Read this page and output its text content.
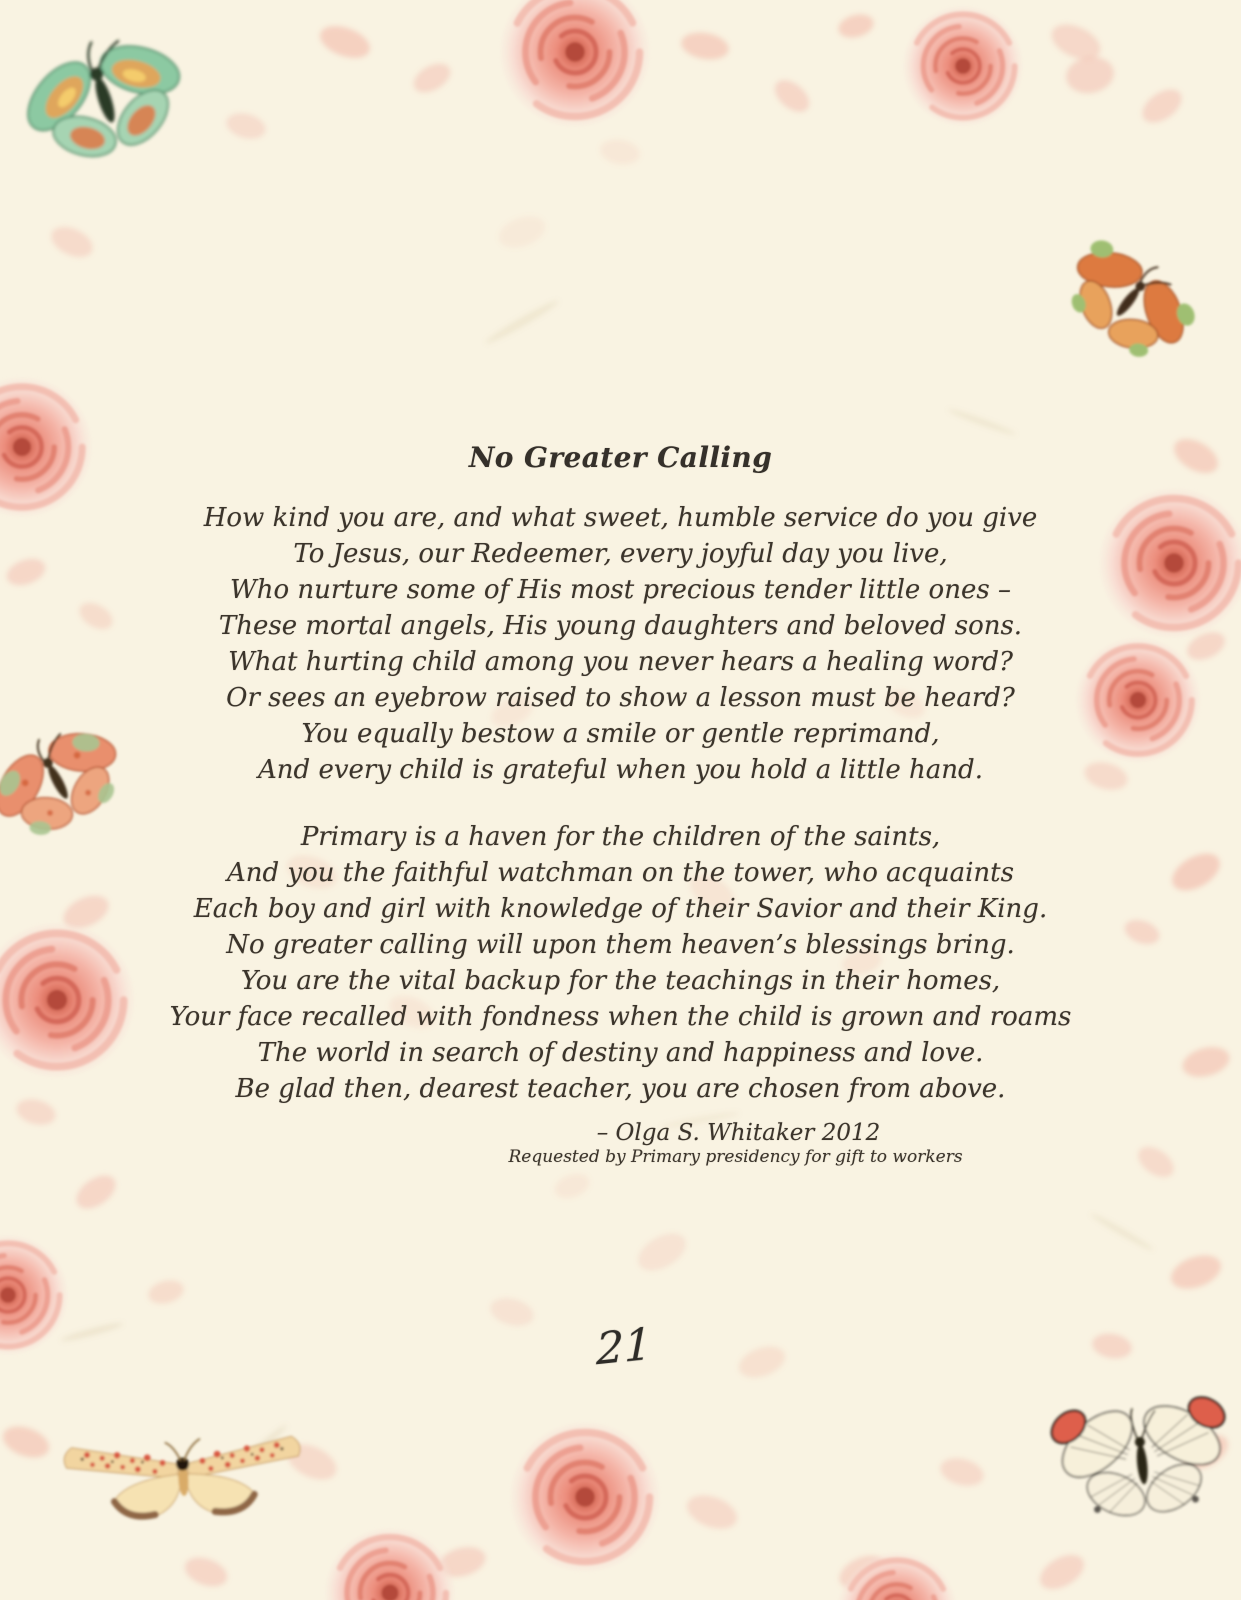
No Greater Calling
How kind you are, and what sweet, humble service do you give
To Jesus, our Redeemer, every joyful day you live,
Who nurture some of His most precious tender little ones –
These mortal angels, His young daughters and beloved sons.
What hurting child among you never hears a healing word?
Or sees an eyebrow raised to show a lesson must be heard?
You equally bestow a smile or gentle reprimand,
And every child is grateful when you hold a little hand.
Primary is a haven for the children of the saints,
And you the faithful watchman on the tower, who acquaints
Each boy and girl with knowledge of their Savior and their King.
No greater calling will upon them heaven’s blessings bring.
You are the vital backup for the teachings in their homes,
Your face recalled with fondness when the child is grown and roams
The world in search of destiny and happiness and love.
Be glad then, dearest teacher, you are chosen from above.
– Olga S. Whitaker 2012
Requested by Primary presidency for gift to workers
21
